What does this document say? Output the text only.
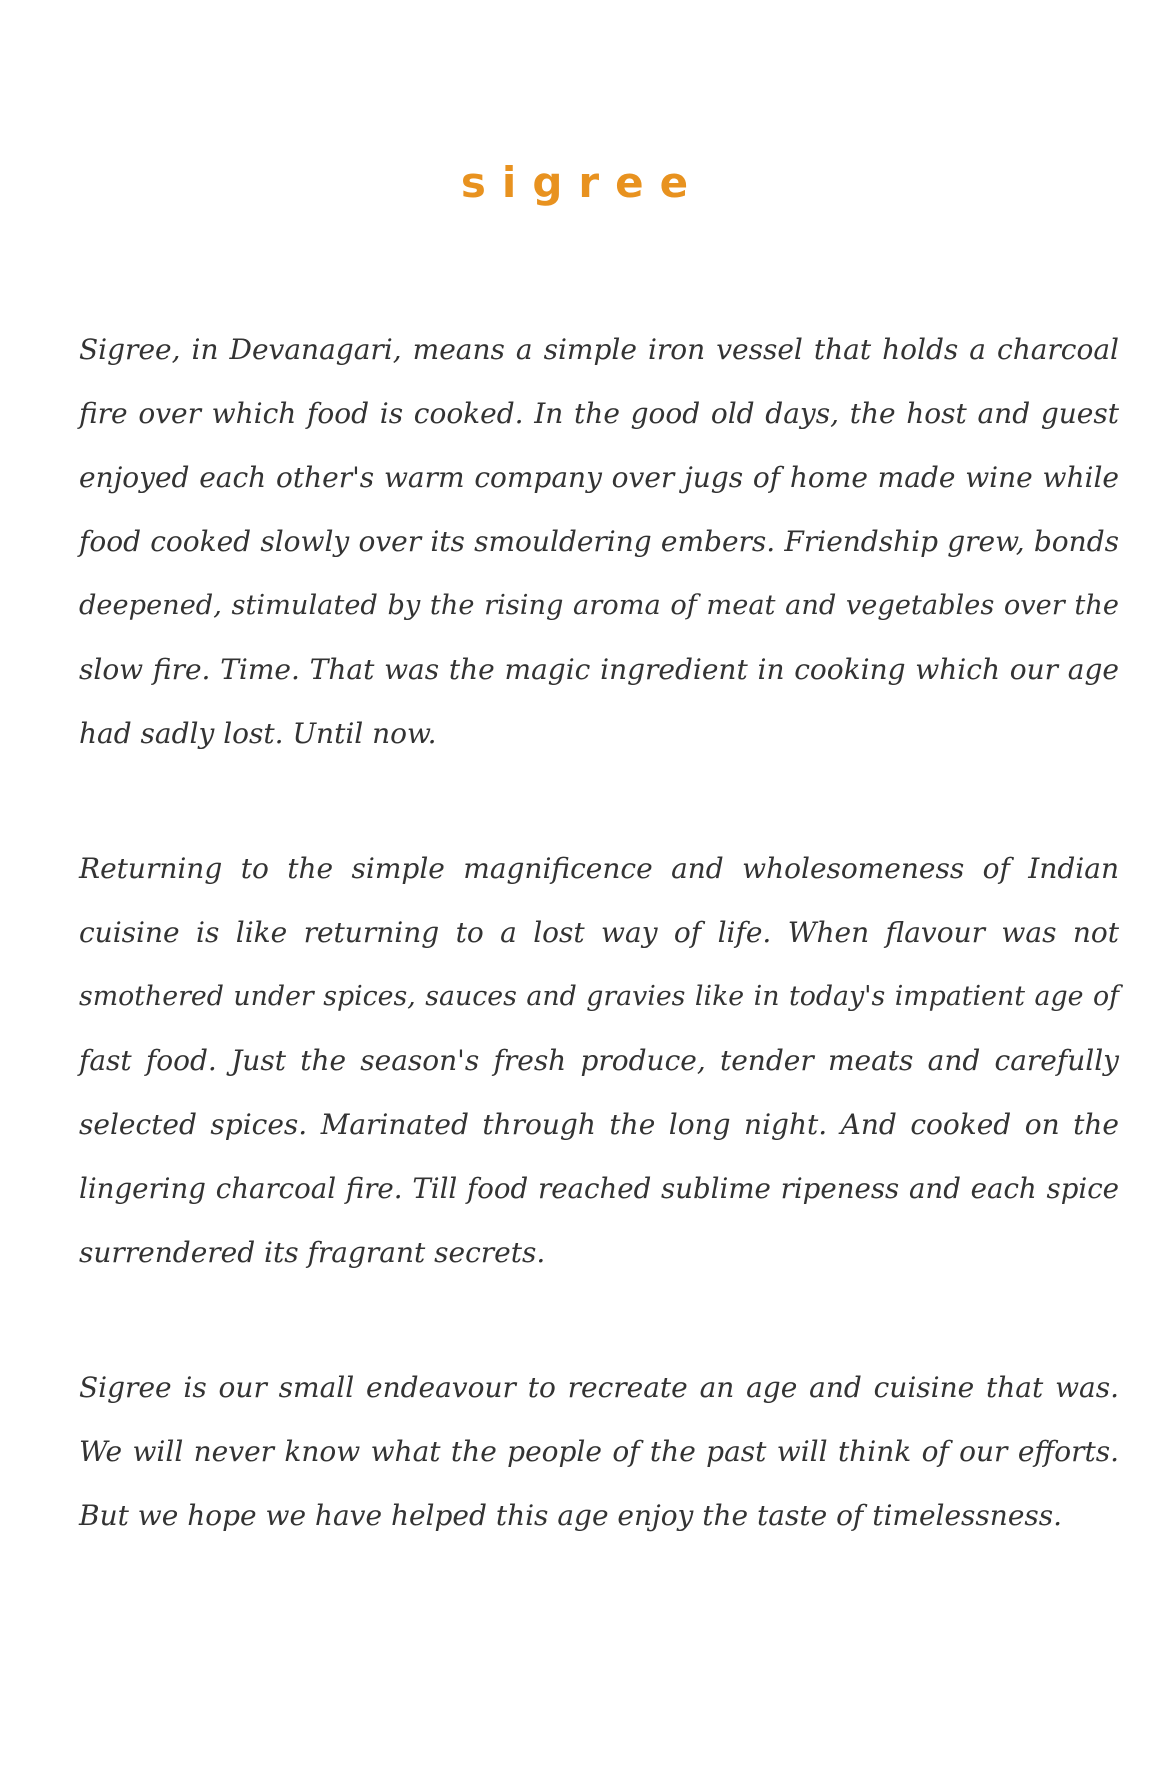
sigree

Sigree, in Devanagari, means a simple iron vessel that holds a charcoal
fire over which food is cooked. In the good old days, the host and guest
enjoyed each other's warm company over jugs of home made wine while
food cooked slowly over its smouldering embers. Friendship grew, bonds
deepened, stimulated by the rising aroma of meat and vegetables over the
slow fire. Time. That was the magic ingredient in cooking which our age
had sadly lost. Until now.

Returning to the simple magnificence and wholesomeness of Indian
cuisine is like returning to a lost way of life. When flavour was not
smothered under spices, sauces and gravies like in today's impatient age of
fast food. Just the season's fresh produce, tender meats and carefully
selected spices. Marinated through the long night. And cooked on the
lingering charcoal fire. Till food reached sublime ripeness and each spice
surrendered its fragrant secrets.

Sigree is our small endeavour to recreate an age and cuisine that was.
We will never know what the people of the past will think of our efforts.
But we hope we have helped this age enjoy the taste of timelessness.
